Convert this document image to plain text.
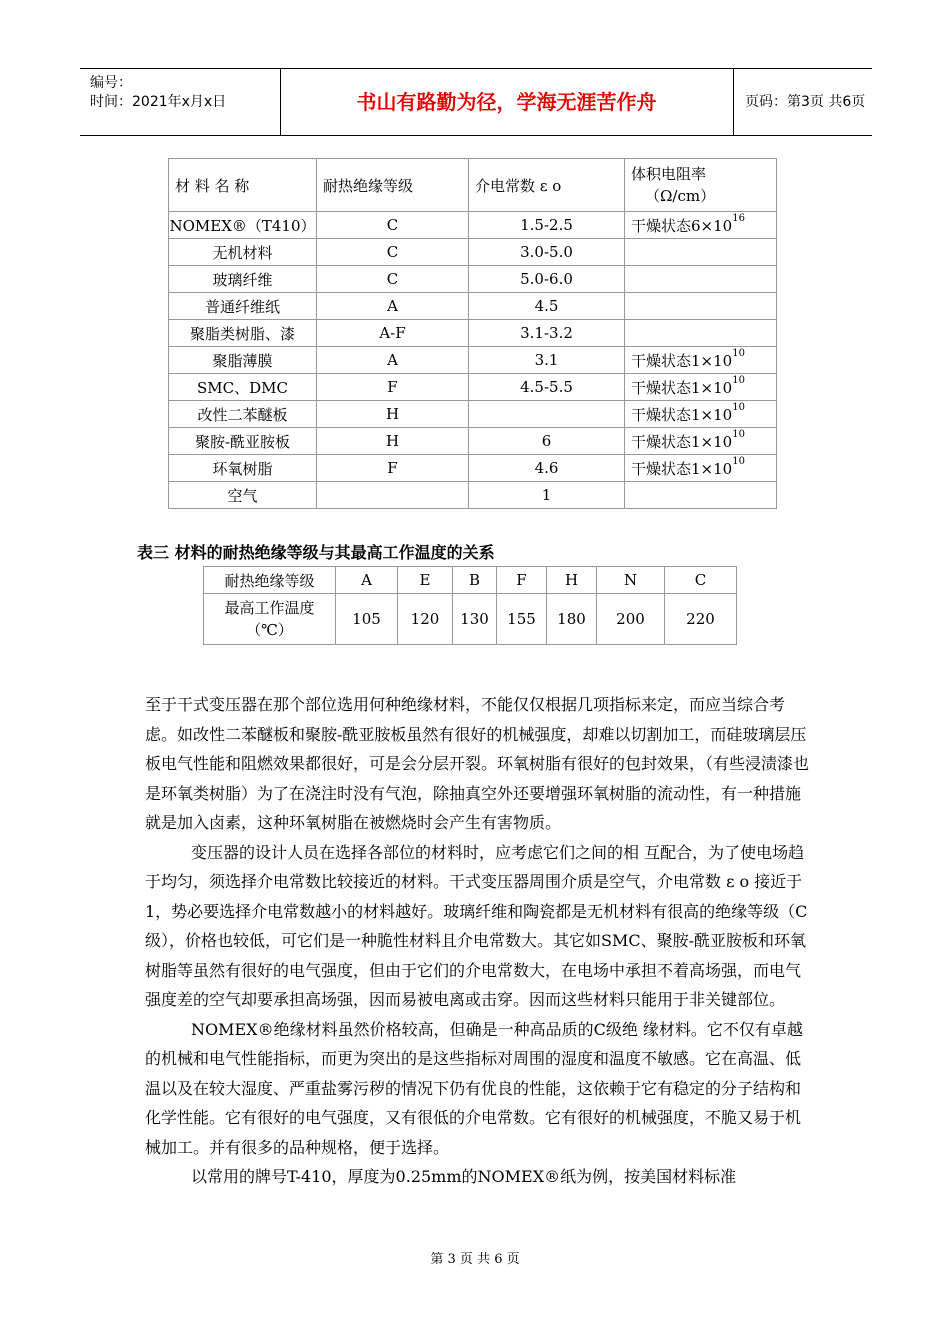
编号：
时间：2021年x月x日	书山有路勤为径，学海无涯苦作舟	页码：第3页 共6页
材 料 名 称	耐热绝缘等级	介电常数 ε o	体积电阻率
（Ω/cm）
NOMEX®（T410）	C	1.5-2.5	干燥状态$6\times 10^{16}$
无机材料	C	3.0-5.0	
玻璃纤维	C	5.0-6.0	
普通纤维纸	A	4.5	
聚脂类树脂、漆	A-F	3.1-3.2	
聚脂薄膜	A	3.1	干燥状态$1\times 10^{10}$
SMC、DMC	F	4.5-5.5	干燥状态$1\times 10^{10}$
改性二苯醚板	H		干燥状态$1\times 10^{10}$
聚胺-酰亚胺板	H	6	干燥状态$1\times 10^{10}$
环氧树脂	F	4.6	干燥状态$1\times 10^{10}$
空气		1	
表三 材料的耐热绝缘等级与其最高工作温度的关系
耐热绝缘等级	A	E	B	F	H	N	C
最高工作温度
（℃）	105	120	130	155	180	200	220

至于干式变压器在那个部位选用何种绝缘材料，不能仅仅根据几项指标来定，而应当综合考虑。如改性二苯醚板和聚胺-酰亚胺板虽然有很好的机械强度，却难以切割加工，而硅玻璃层压板电气性能和阻燃效果都很好，可是会分层开裂。环氧树脂有很好的包封效果，（有些浸渍漆也是环氧类树脂）为了在浇注时没有气泡，除抽真空外还要增强环氧树脂的流动性，有一种措施就是加入卤素，这种环氧树脂在被燃烧时会产生有害物质。

变压器的设计人员在选择各部位的材料时，应考虑它们之间的相 互配合，为了使电场趋于均匀，须选择介电常数比较接近的材料。干式变压器周围介质是空气，介电常数 ε o 接近于1，势必要选择介电常数越小的材料越好。玻璃纤维和陶瓷都是无机材料有很高的绝缘等级（C级），价格也较低，可它们是一种脆性材料且介电常数大。其它如SMC、聚胺-酰亚胺板和环氧树脂等虽然有很好的电气强度，但由于它们的介电常数大，在电场中承担不着高场强，而电气强度差的空气却要承担高场强，因而易被电离或击穿。因而这些材料只能用于非关键部位。

NOMEX®绝缘材料虽然价格较高，但确是一种高品质的C级绝 缘材料。它不仅有卓越的机械和电气性能指标，而更为突出的是这些指标对周围的湿度和温度不敏感。它在高温、低温以及在较大湿度、严重盐雾污秽的情况下仍有优良的性能，这依赖于它有稳定的分子结构和化学性能。它有很好的电气强度，又有很低的介电常数。它有很好的机械强度，不脆又易于机械加工。并有很多的品种规格，便于选择。

以常用的牌号T-410，厚度为0.25mm的NOMEX®纸为例，按美国材料标准

第 3 页 共 6 页
